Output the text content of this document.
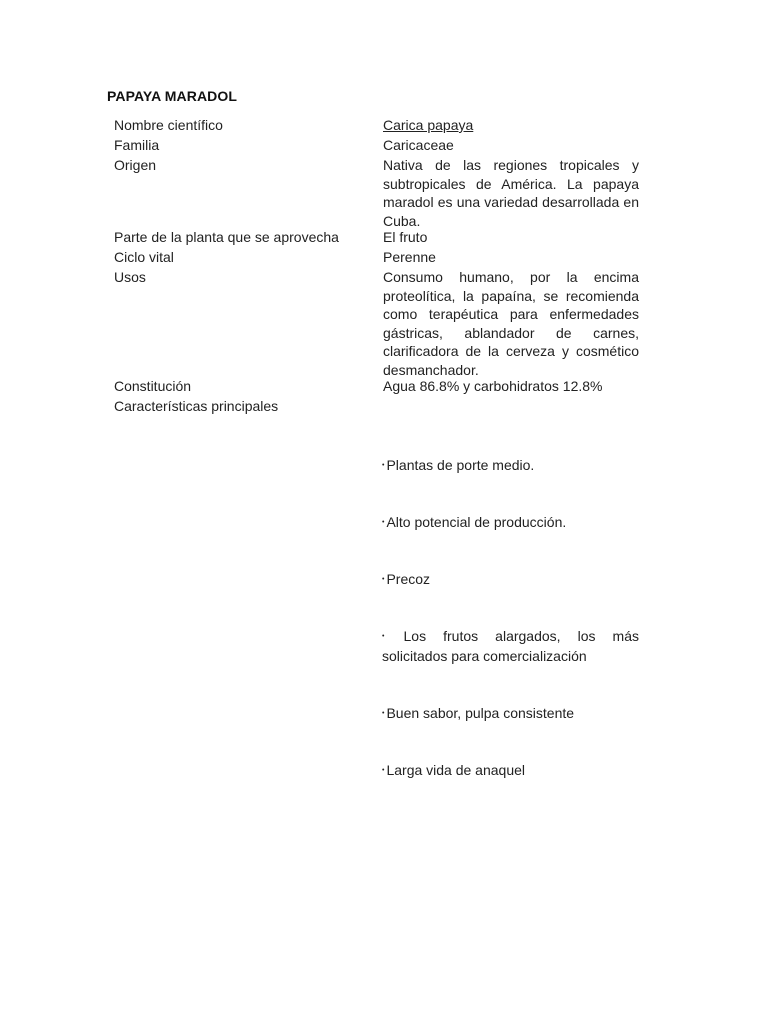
PAPAYA MARADOL
Nombre científico	Carica papaya
Familia	Caricaceae
Origen	Nativa de las regiones tropicales y subtropicales de América. La papaya maradol es una variedad desarrollada en Cuba.
Parte de la planta que se aprovecha	El fruto
Ciclo vital	Perenne
Usos	Consumo humano, por la encima proteolítica, la papaína, se recomienda como terapéutica para enfermedades gástricas, ablandador de carnes, clarificadora de la cerveza y cosmético desmanchador.
Constitución	Agua 86.8% y carbohidratos 12.8%
Características principales
• Plantas de porte medio.
• Alto potencial de producción.
• Precoz
• Los frutos alargados, los más
solicitados para comercialización
• Buen sabor, pulpa consistente
• Larga vida de anaquel
